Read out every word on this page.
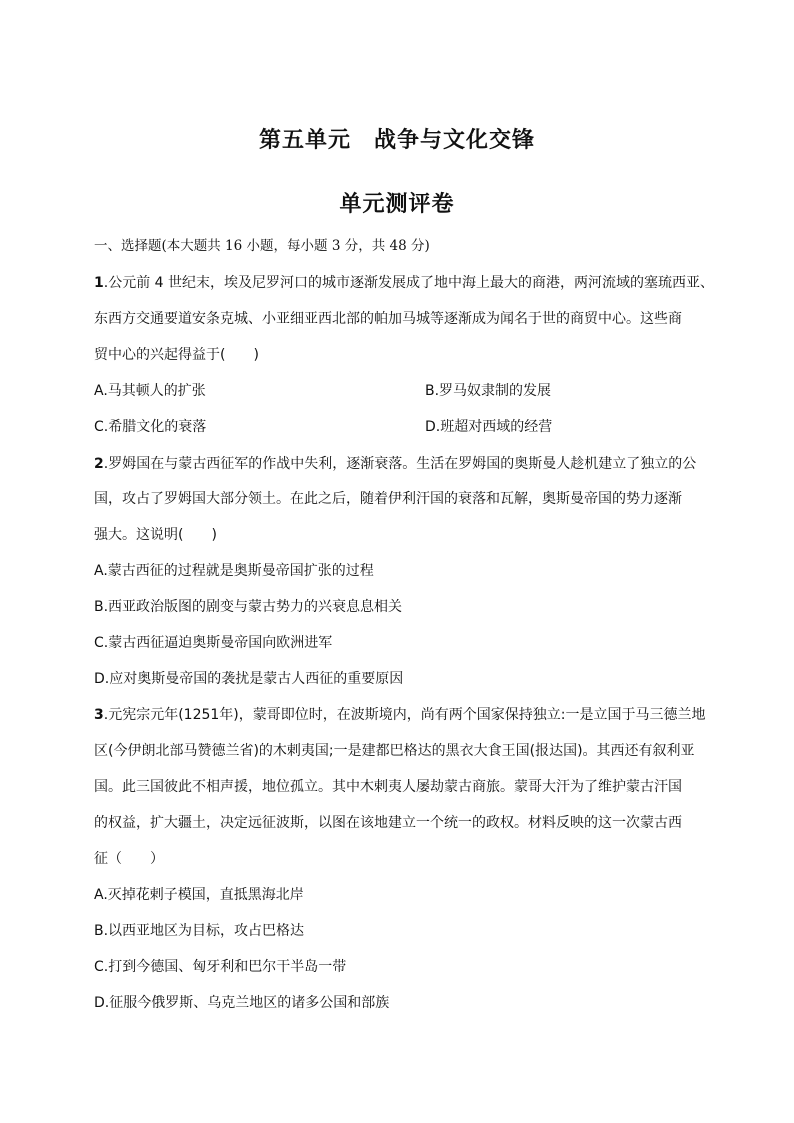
第五单元　战争与文化交锋
单元测评卷
一、选择题(本大题共 16 小题，每小题 3 分，共 48 分)
1.公元前 4 世纪末，埃及尼罗河口的城市逐渐发展成了地中海上最大的商港，两河流域的塞琉西亚、
东西方交通要道安条克城、小亚细亚西北部的帕加马城等逐渐成为闻名于世的商贸中心。这些商
贸中心的兴起得益于(　　)
A.马其顿人的扩张	B.罗马奴隶制的发展
C.希腊文化的衰落	D.班超对西域的经营
2.罗姆国在与蒙古西征军的作战中失利，逐渐衰落。生活在罗姆国的奥斯曼人趁机建立了独立的公
国，攻占了罗姆国大部分领土。在此之后，随着伊利汗国的衰落和瓦解，奥斯曼帝国的势力逐渐
强大。这说明(　　)
A.蒙古西征的过程就是奥斯曼帝国扩张的过程
B.西亚政治版图的剧变与蒙古势力的兴衰息息相关
C.蒙古西征逼迫奥斯曼帝国向欧洲进军
D.应对奥斯曼帝国的袭扰是蒙古人西征的重要原因
3.元宪宗元年(1251年)，蒙哥即位时，在波斯境内，尚有两个国家保持独立:一是立国于马三德兰地
区(今伊朗北部马赞德兰省)的木剌夷国;一是建都巴格达的黑衣大食王国(报达国)。其西还有叙利亚
国。此三国彼此不相声援，地位孤立。其中木剌夷人屡劫蒙古商旅。蒙哥大汗为了维护蒙古汗国
的权益，扩大疆土，决定远征波斯，以图在该地建立一个统一的政权。材料反映的这一次蒙古西
征（　　）
A.灭掉花剌子模国，直抵黑海北岸
B.以西亚地区为目标，攻占巴格达
C.打到今德国、匈牙利和巴尔干半岛一带
D.征服今俄罗斯、乌克兰地区的诸多公国和部族
